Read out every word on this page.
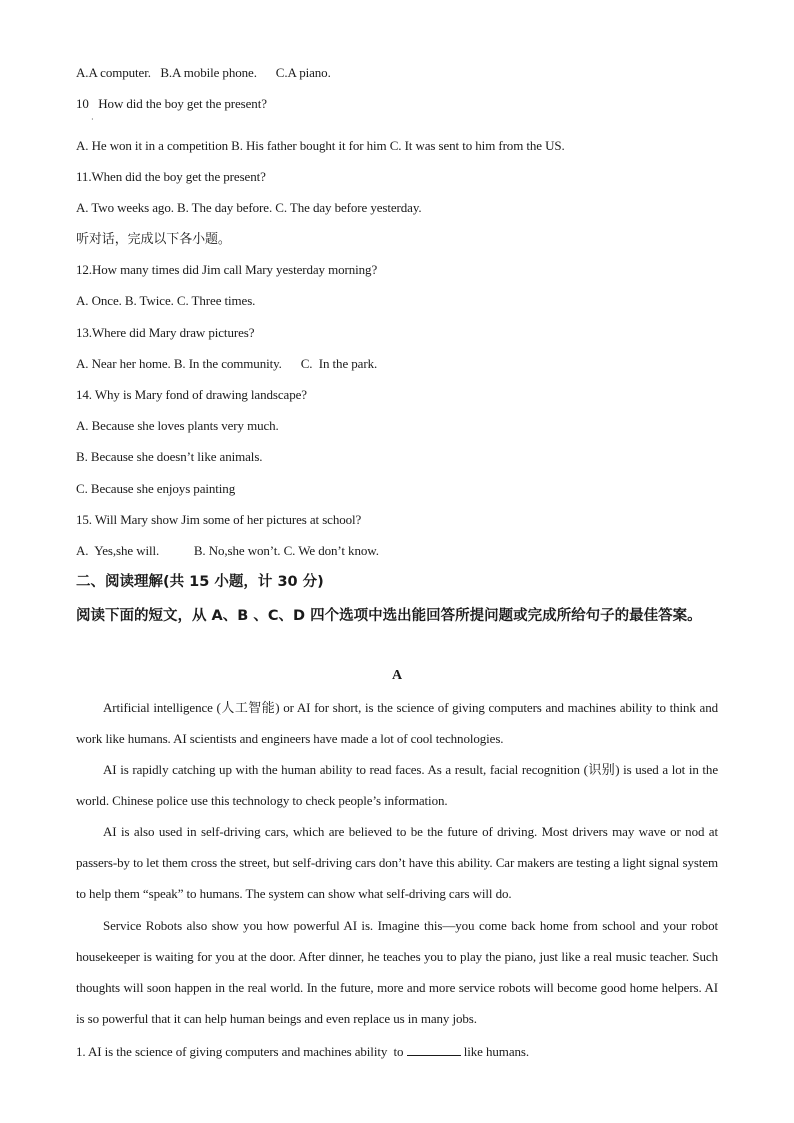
A.A computer.   B.A mobile phone.      C.A piano.
10   How did the boy get the present?
·
A. He won it in a competition B. His father bought it for him C. It was sent to him from the US.
11.When did the boy get the present?
A. Two weeks ago. B. The day before. C. The day before yesterday.
听对话，完成以下各小题。
12.How many times did Jim call Mary yesterday morning?
A. Once. B. Twice. C. Three times.
13.Where did Mary draw pictures?
A. Near her home. B. In the community.      C.  In the park.
14. Why is Mary fond of drawing landscape?
A. Because she loves plants very much.
B. Because she doesn’t like animals.
C. Because she enjoys painting
15. Will Mary show Jim some of her pictures at school?
A.  Yes,she will.           B. No,she won’t. C. We don’t know.
二、阅读理解(共 15 小题，计 30 分)
阅读下面的短文，从 A、B 、C、D 四个选项中选出能回答所提问题或完成所给句子的最佳答案。
A
Artificial intelligence (人工智能) or AI for short, is the science of giving computers and machines ability to think and work like humans. AI scientists and engineers have made a lot of cool technologies.
AI is rapidly catching up with the human ability to read faces. As a result, facial recognition (识别) is used a lot in the world. Chinese police use this technology to check people’s information.
AI is also used in self-driving cars, which are believed to be the future of driving. Most drivers may wave or nod at passers-by to let them cross the street, but self-driving cars don’t have this ability. Car makers are testing a light signal system to help them “speak” to humans. The system can show what self-driving cars will do.
Service Robots also show you how powerful AI is. Imagine this—you come back home from school and your robot housekeeper is waiting for you at the door. After dinner, he teaches you to play the piano, just like a real music teacher. Such thoughts will soon happen in the real world. In the future, more and more service robots will become good home helpers. AI is so powerful that it can help human beings and even replace us in many jobs.
1. AI is the science of giving computers and machines ability  to	like humans.
